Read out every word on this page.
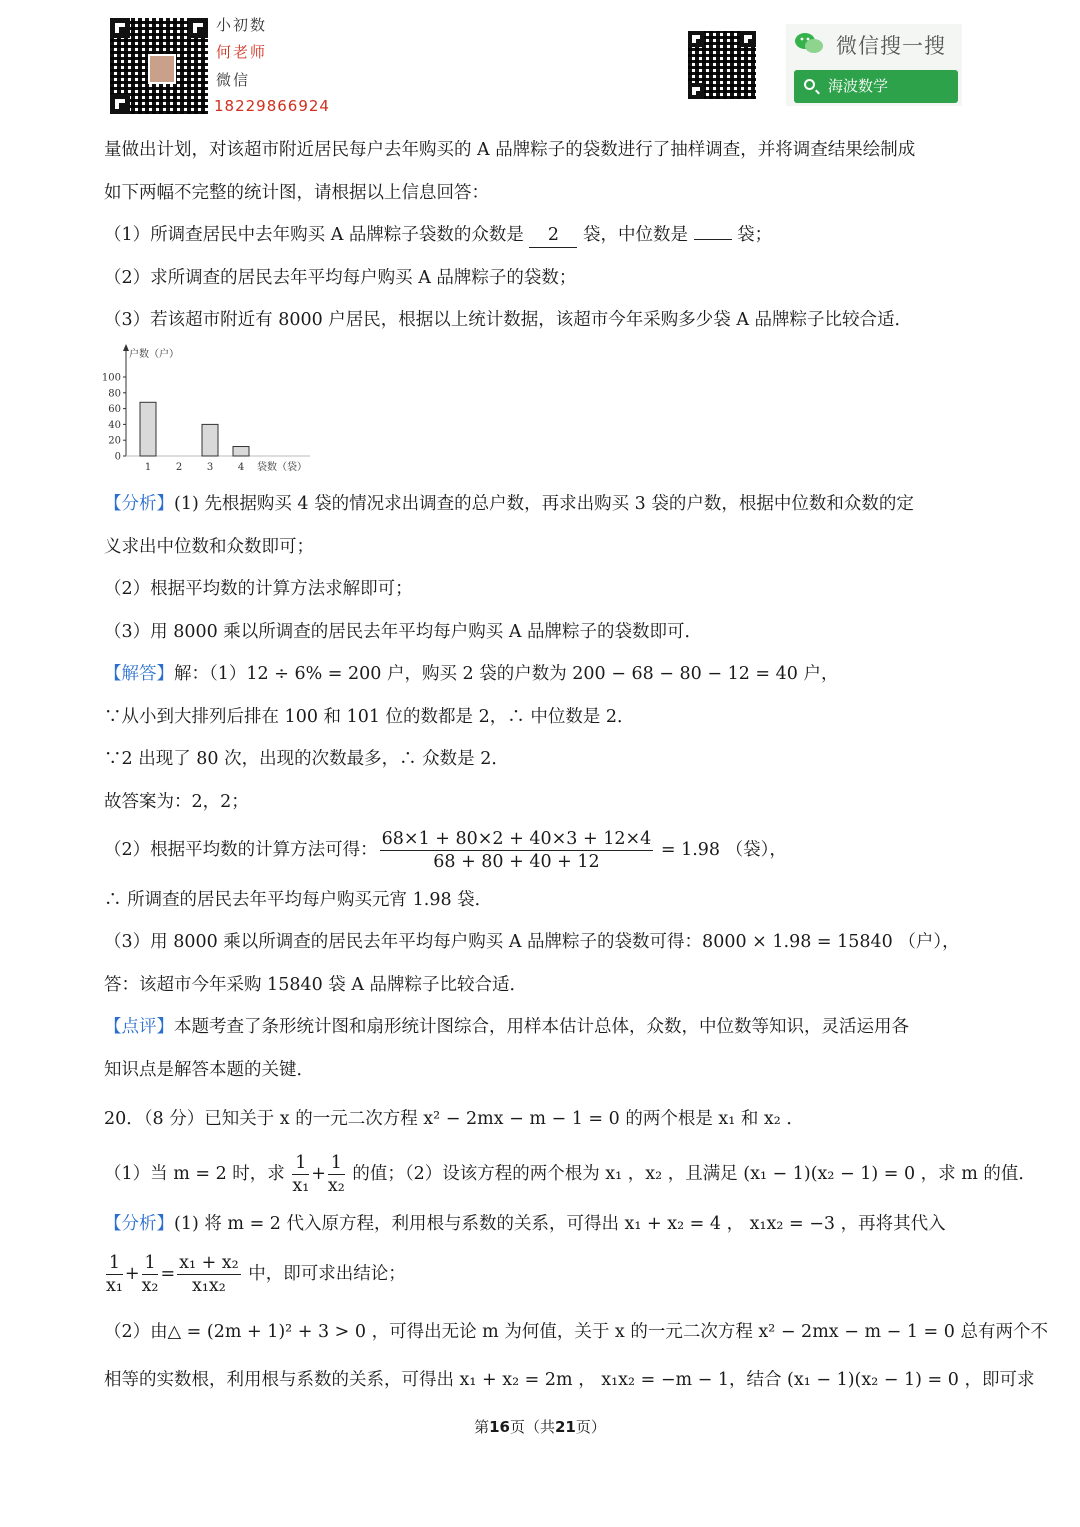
小初数
何老师
微信
18229866924
微信搜一搜
海波数学
量做出计划，对该超市附近居民每户去年购买的 A 品牌粽子的袋数进行了抽样调查，并将调查结果绘制成
如下两幅不完整的统计图，请根据以上信息回答：
（1）所调查居民中去年购买 A 品牌粽子袋数的众数是 2 袋，中位数是  袋；
（2）求所调查的居民去年平均每户购买 A 品牌粽子的袋数；
（3）若该超市附近有 8000 户居民，根据以上统计数据，该超市今年采购多少袋 A 品牌粽子比较合适．
0
20
40
60
80
100
1 2 3 4
户数（户）
袋数（袋）
【分析】(1) 先根据购买 4 袋的情况求出调查的总户数，再求出购买 3 袋的户数，根据中位数和众数的定
义求出中位数和众数即可；
（2）根据平均数的计算方法求解即可；
（3）用 8000 乘以所调查的居民去年平均每户购买 A 品牌粽子的袋数即可．
【解答】解：（1）12 ÷ 6% = 200 户，购买 2 袋的户数为 200 − 68 − 80 − 12 = 40 户，
∵从小到大排列后排在 100 和 101 位的数都是 2，∴ 中位数是 2．
∵2 出现了 80 次，出现的次数最多，∴ 众数是 2．
故答案为：2，2；
（2）根据平均数的计算方法可得： $\frac{68\times 1 + 80\times 2 + 40\times 3 + 12\times 4}{68 + 80 + 40 + 12} = 1.98$ （袋），
∴ 所调查的居民去年平均每户购买元宵 1.98 袋．
（3）用 8000 乘以所调查的居民去年平均每户购买 A 品牌粽子的袋数可得：8000 × 1.98 = 15840 （户），
答：该超市今年采购 15840 袋 A 品牌粽子比较合适．
【点评】本题考查了条形统计图和扇形统计图综合，用样本估计总体，众数，中位数等知识，灵活运用各
知识点是解答本题的关键．
20．（8 分）已知关于 x 的一元二次方程 x² − 2mx − m − 1 = 0 的两个根是 x₁ 和 x₂ ．
（1）当 m = 2 时，求 $\frac{1}{\text{x₁}} + \frac{1}{\text{x₂}}$ 的值；（2）设该方程的两个根为 x₁ ，x₂ ，且满足 (x₁ − 1)(x₂ − 1) = 0 ，求 m 的值．
【分析】(1) 将 m = 2 代入原方程，利用根与系数的关系，可得出 x₁ + x₂ = 4 ， x₁x₂ = −3 ，再将其代入
$\frac{1}{\text{x₁}} + \frac{1}{\text{x₂}} = \frac{\text{x₁ + x₂}}{\text{x₁x₂}}$ 中，即可求出结论；
（2）由△ = (2m + 1)² + 3 > 0 ，可得出无论 m 为何值，关于 x 的一元二次方程 x² − 2mx − m − 1 = 0 总有两个不
相等的实数根，利用根与系数的关系，可得出 x₁ + x₂ = 2m ， x₁x₂ = −m − 1，结合 (x₁ − 1)(x₂ − 1) = 0 ，即可求
第16页（共21页）
